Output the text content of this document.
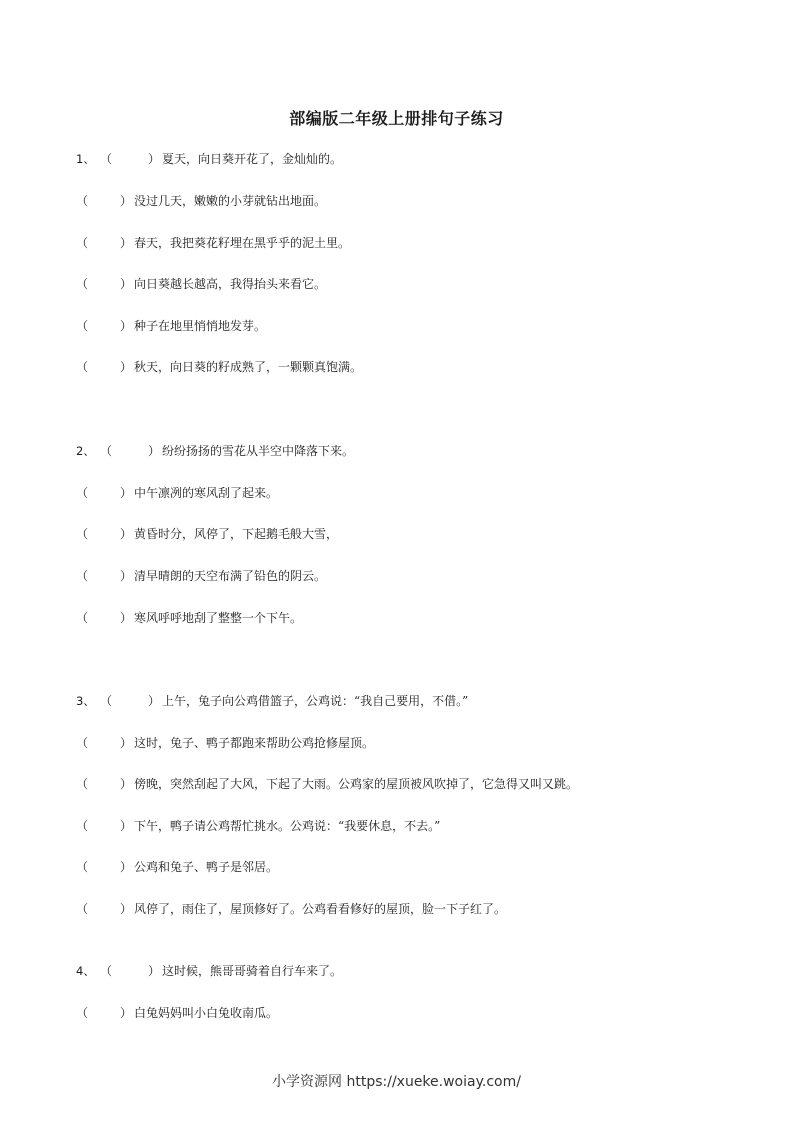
部编版二年级上册排句子练习
1、 （	） 夏天，向日葵开花了，金灿灿的。
（	） 没过几天，嫩嫩的小芽就钻出地面。
（	） 春天，我把葵花籽埋在黑乎乎的泥土里。
（	） 向日葵越长越高，我得抬头来看它。
（	） 种子在地里悄悄地发芽。
（	） 秋天，向日葵的籽成熟了，一颗颗真饱满。
2、 （	） 纷纷扬扬的雪花从半空中降落下来。
（	） 中午凛冽的寒风刮了起来。
（	） 黄昏时分，风停了，下起鹅毛般大雪，
（	） 清早晴朗的天空布满了铅色的阴云。
（	） 寒风呼呼地刮了整整一个下午。
3、 （	） 上午，兔子向公鸡借篮子，公鸡说：“我自己要用，不借。”
（	） 这时，兔子、鸭子都跑来帮助公鸡抢修屋顶。
（	） 傍晚，突然刮起了大风，下起了大雨。公鸡家的屋顶被风吹掉了，它急得又叫又跳。
（	） 下午，鸭子请公鸡帮忙挑水。公鸡说：“我要休息，不去。”
（	） 公鸡和兔子、鸭子是邻居。
（	） 风停了，雨住了，屋顶修好了。公鸡看看修好的屋顶，脸一下子红了。
4、 （	） 这时候，熊哥哥骑着自行车来了。
（	） 白兔妈妈叫小白兔收南瓜。
小学资源网 https://xueke.woiay.com/
